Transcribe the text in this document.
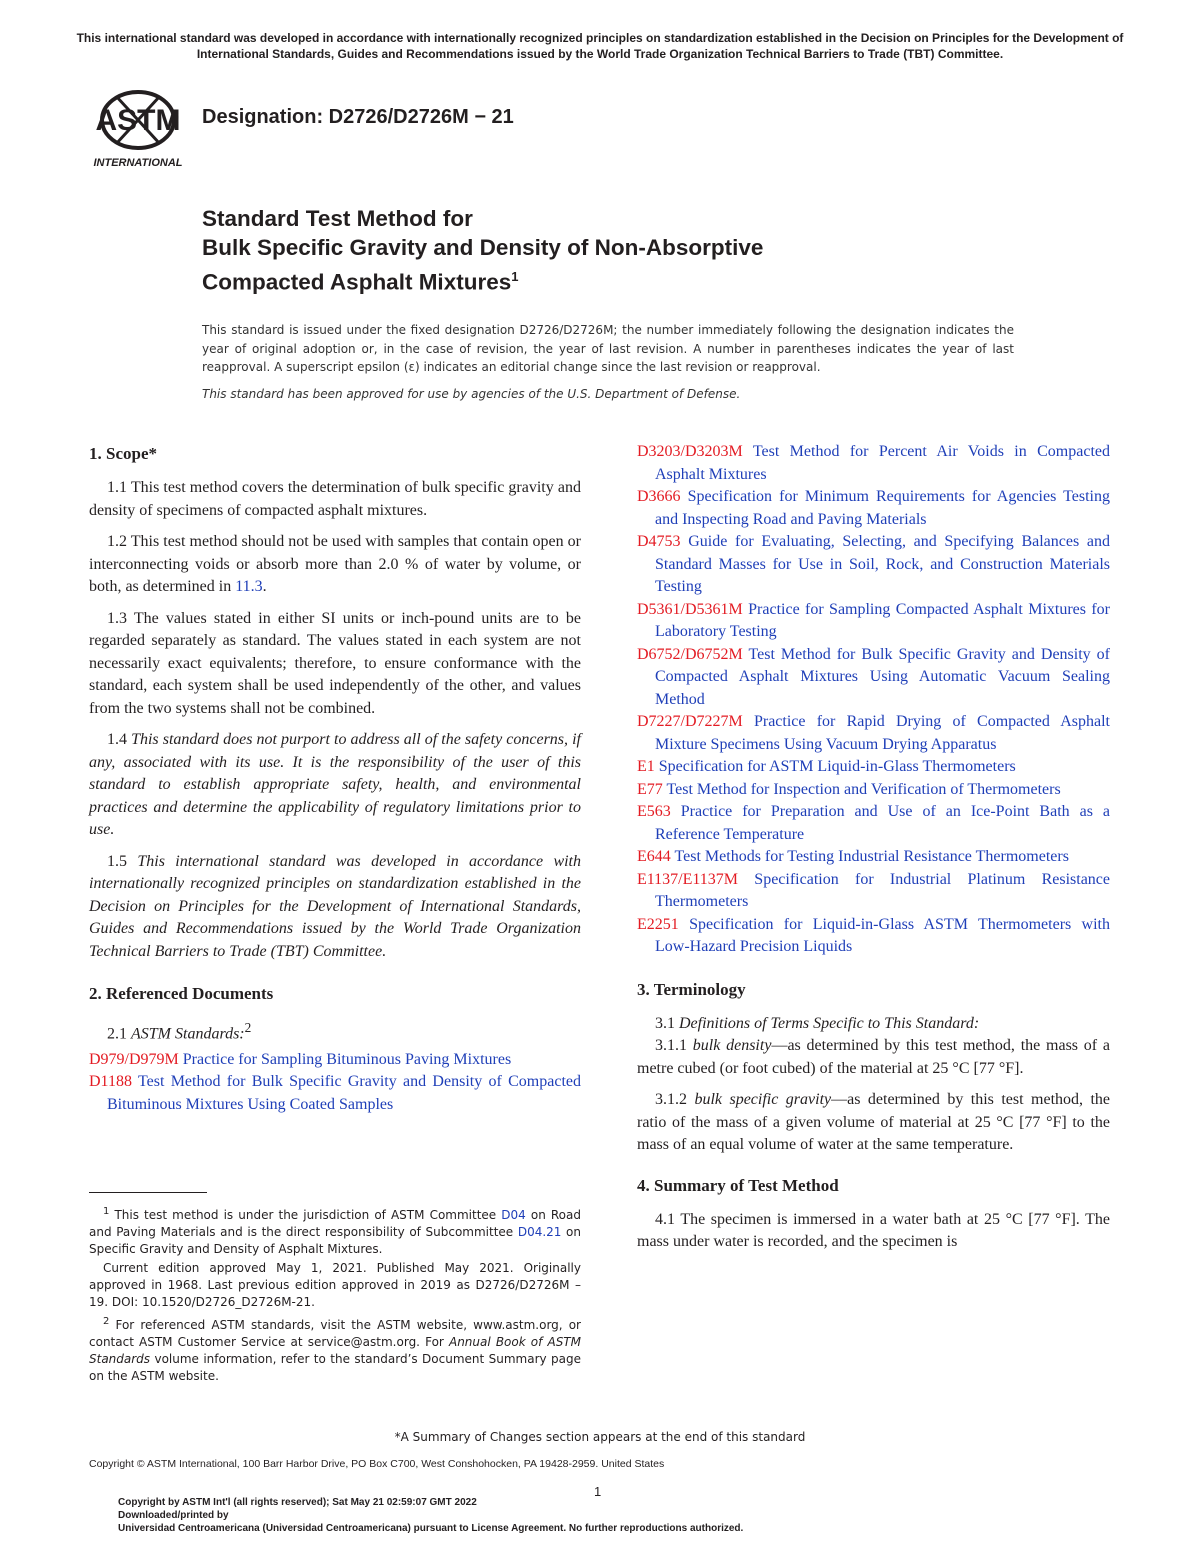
This international standard was developed in accordance with internationally recognized principles on standardization established in the Decision on Principles for the Development of International Standards, Guides and Recommendations issued by the World Trade Organization Technical Barriers to Trade (TBT) Committee.
ASTM
INTERNATIONAL
Designation: D2726/D2726M − 21
Standard Test Method for
Bulk Specific Gravity and Density of Non-Absorptive
Compacted Asphalt Mixtures$^1$
This standard is issued under the fixed designation D2726/D2726M; the number immediately following the designation indicates the year of original adoption or, in the case of revision, the year of last revision. A number in parentheses indicates the year of last reapproval. A superscript epsilon (ε) indicates an editorial change since the last revision or reapproval.
This standard has been approved for use by agencies of the U.S. Department of Defense.
1. Scope*

1.1 This test method covers the determination of bulk specific gravity and density of specimens of compacted asphalt mixtures.

1.2 This test method should not be used with samples that contain open or interconnecting voids or absorb more than 2.0 % of water by volume, or both, as determined in 11.3.

1.3 The values stated in either SI units or inch-pound units are to be regarded separately as standard. The values stated in each system are not necessarily exact equivalents; therefore, to ensure conformance with the standard, each system shall be used independently of the other, and values from the two systems shall not be combined.

1.4 This standard does not purport to address all of the safety concerns, if any, associated with its use. It is the responsibility of the user of this standard to establish appropriate safety, health, and environmental practices and determine the applicability of regulatory limitations prior to use.

1.5 This international standard was developed in accordance with internationally recognized principles on standardization established in the Decision on Principles for the Development of International Standards, Guides and Recommendations issued by the World Trade Organization Technical Barriers to Trade (TBT) Committee.

2. Referenced Documents

2.1 ASTM Standards:$^2$

D979/D979M Practice for Sampling Bituminous Paving Mixtures

D1188 Test Method for Bulk Specific Gravity and Density of Compacted Bituminous Mixtures Using Coated Samples

$^1$ This test method is under the jurisdiction of ASTM Committee D04 on Road and Paving Materials and is the direct responsibility of Subcommittee D04.21 on Specific Gravity and Density of Asphalt Mixtures.

Current edition approved May 1, 2021. Published May 2021. Originally approved in 1968. Last previous edition approved in 2019 as D2726/D2726M – 19. DOI: 10.1520/D2726_D2726M-21.

$^2$ For referenced ASTM standards, visit the ASTM website, www.astm.org, or contact ASTM Customer Service at service@astm.org. For Annual Book of ASTM Standards volume information, refer to the standard’s Document Summary page on the ASTM website.

D3203/D3203M Test Method for Percent Air Voids in Compacted Asphalt Mixtures

D3666 Specification for Minimum Requirements for Agencies Testing and Inspecting Road and Paving Materials

D4753 Guide for Evaluating, Selecting, and Specifying Balances and Standard Masses for Use in Soil, Rock, and Construction Materials Testing

D5361/D5361M Practice for Sampling Compacted Asphalt Mixtures for Laboratory Testing

D6752/D6752M Test Method for Bulk Specific Gravity and Density of Compacted Asphalt Mixtures Using Automatic Vacuum Sealing Method

D7227/D7227M Practice for Rapid Drying of Compacted Asphalt Mixture Specimens Using Vacuum Drying Apparatus

E1 Specification for ASTM Liquid-in-Glass Thermometers

E77 Test Method for Inspection and Verification of Thermometers

E563 Practice for Preparation and Use of an Ice-Point Bath as a Reference Temperature

E644 Test Methods for Testing Industrial Resistance Thermometers

E1137/E1137M Specification for Industrial Platinum Resistance Thermometers

E2251 Specification for Liquid-in-Glass ASTM Thermometers with Low-Hazard Precision Liquids

3. Terminology

3.1 Definitions of Terms Specific to This Standard:

3.1.1 bulk density—as determined by this test method, the mass of a metre cubed (or foot cubed) of the material at 25 °C [77 °F].

3.1.2 bulk specific gravity—as determined by this test method, the ratio of the mass of a given volume of material at 25 °C [77 °F] to the mass of an equal volume of water at the same temperature.

4. Summary of Test Method

4.1 The specimen is immersed in a water bath at 25 °C [77 °F]. The mass under water is recorded, and the specimen is

*A Summary of Changes section appears at the end of this standard
Copyright © ASTM International, 100 Barr Harbor Drive, PO Box C700, West Conshohocken, PA 19428-2959. United States
1
Copyright by ASTM Int'l (all rights reserved); Sat May 21 02:59:07 GMT 2022
Downloaded/printed by
Universidad Centroamericana (Universidad Centroamericana) pursuant to License Agreement. No further reproductions authorized.
